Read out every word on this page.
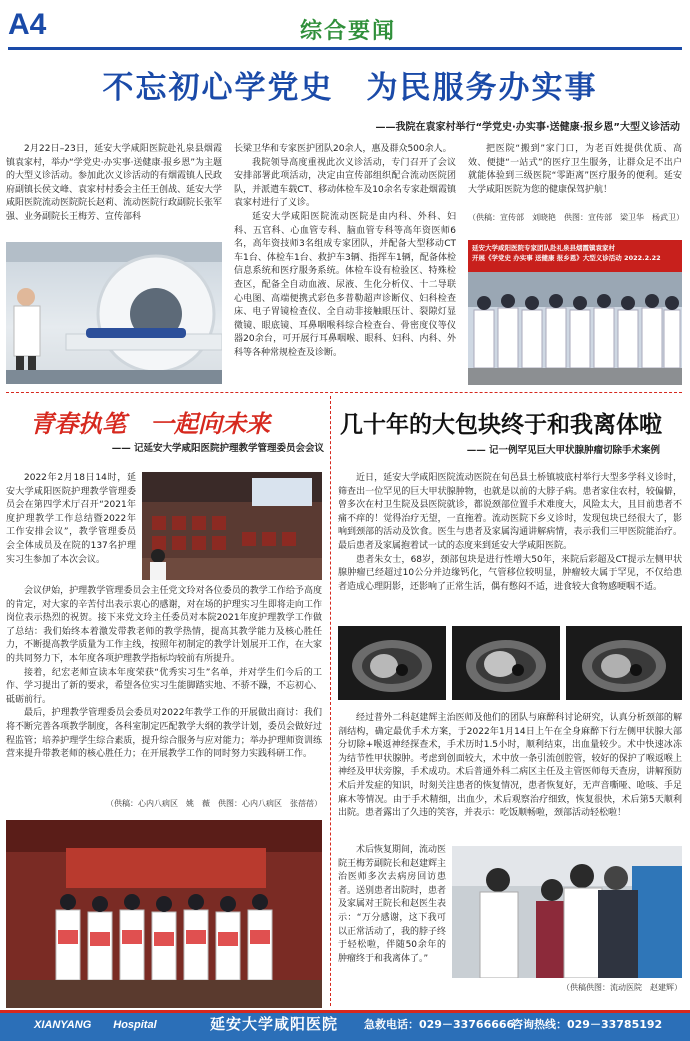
A4	综合要闻
不忘初心学党史　为民服务办实事
——我院在袁家村举行“学党史·办实事·送健康·报乡恩”大型义诊活动

2月22日–23日，延安大学咸阳医院赴礼泉县烟霞镇袁家村，举办“学党史·办实事·送健康·报乡恩”为主题的大型义诊活动。参加此次义诊活动的有烟霞镇人民政府副镇长侯文峰、袁家村村委会主任王创战、延安大学咸阳医院流动医院院长赵莉、流动医院行政副院长张军强、业务副院长王梅芳、宣传部科

长梁卫华和专家医护团队20余人，惠及群众500余人。

我院领导高度重视此次义诊活动，专门召开了会议安排部署此项活动，决定由宣传部组织配合流动医院团队，并派遣车载CT、移动体检车及10余名专家赴烟霞镇袁家村进行了义诊。

延安大学咸阳医院流动医院是由内科、外科、妇科、五官科、心血管专科、脑血管专科等高年资医师6名，高年资技师3名组成专家团队，并配备大型移动CT车1台、体检车1台、救护车3辆、指挥车1辆，配备体检信息系统和医疗服务系统。体检车设有检验区、特殊检查区，配备全自动血液、尿液、生化分析仪、十二导联心电图、高端便携式彩色多普勒超声诊断仪、妇科检查床、电子胃镜检查仪、全自动非接触眼压计、裂隙灯显微镜、眼底镜、耳鼻咽喉科综合检查台、骨密度仪等仪器20余台，可开展行耳鼻咽喉、眼科、妇科、内科、外科等各种常规检查及诊断。

把医院“搬到”家门口，为老百姓提供优质、高效、便捷“一站式”的医疗卫生服务，让群众足不出户就能体验到三级医院“零距离”医疗服务的便利。延安大学咸阳医院为您的健康保驾护航！

（供稿：宣传部　刘晓艳　供图：宣传部　梁卫华　杨武卫）
延安大学咸阳医院专家团队赴礼泉县烟霞镇袁家村
开展《学党史 办实事 送健康 报乡恩》大型义诊活动 2022.2.22
青春执笔　一起向未来
—— 记延安大学咸阳医院护理教学管理委员会会议

2022年2月18日14时，延安大学咸阳医院护理教学管理委员会在第四学术厅召开“2021年度护理教学工作总结暨2022年工作安排会议”，教学管理委员会全体成员及在院的137名护理实习生参加了本次会议。

会议伊始，护理教学管理委员会主任党文玲对各位委员的教学工作给予高度的肯定，对大家的辛苦付出表示衷心的感谢，对在场的护理实习生即将走向工作岗位表示热烈的祝贺。接下来党文玲主任委员对本院2021年度护理教学工作做了总结：我们始终本着激发带教老师的教学热情，提高其教学能力及核心胜任力，不断提高教学质量为工作主线，按照年初制定的教学计划展开工作，在大家的共同努力下，本年度各项护理教学指标均较前有所提升。

接着，纪宏老师宣读本年度荣获“优秀实习生”名单，并对学生们今后的工作、学习提出了新的要求，希望各位实习生能脚踏实地、不骄不躁，不忘初心、砥砺前行。

最后，护理教学管理委员会委员对2022年教学工作的开展做出商讨：我们将不断完善各项教学制度，各科室制定匹配教学大纲的教学计划，委员会做好过程监管；培养护理学生综合素质，提升综合服务与应对能力；举办护理师资训练营来提升带教老师的核心胜任力；在开展教学工作的同时努力实践科研工作。

（供稿：心内八病区　姚　薇　供图：心内八病区　张蓓蓓）
几十年的大包块终于和我离体啦
—— 记一例罕见巨大甲状腺肿瘤切除手术案例

近日，延安大学咸阳医院流动医院在旬邑县土桥镇坡底村举行大型多学科义诊时，筛查出一位罕见的巨大甲状腺肿物，也就是以前的大脖子病。患者家住农村，较偏僻，曾多次在村卫生院及县医院就诊，都说颈部位置手术难度大，风险太大，且目前患者不痛不痒的！觉得治疗无望，一直拖着。流动医院下乡义诊时，发现包块已经很大了，影响到颈部的活动及饮食。医生与患者及家属沟通讲解病情，表示我们三甲医院能治疗。最后患者及家属抱着试一试的态度来到延安大学咸阳医院。

患者朱女士，68岁，颈部包块是进行性增大50年，来院后彩超及CT提示左侧甲状腺肿瘤已经超过10公分并边缘钙化，气管移位较明显，肿瘤较大属于罕见，不仅给患者造成心理阴影，还影响了正常生活，偶有憋闷不适，进食较大食物感哽咽不适。

经过普外二科赵建辉主治医师及他们的团队与麻醉科讨论研究，认真分析颈部的解剖结构，确定最优手术方案，于2022年1月14日上午在全身麻醉下行左侧甲状腺大部分切除+喉返神经探查术，手术历时1.5小时，顺利结束，出血量较少。术中快速冰冻为结节性甲状腺肿。考虑到创面较大，术中放一条引流创腔管，较好的保护了喉返喉上神经及甲状旁腺，手术成功。术后普通外科二病区主任及主管医师每天查房，讲解预防术后并发症的知识，时刻关注患者的恢复情况，患者恢复好，无声音嘶哑、呛咳、手足麻木等情况。由于手术精细，出血少，术后观察治疗细致，恢复很快，术后第5天顺利出院。患者露出了久违的笑容，并表示：吃饭顺畅啦，颈部活动轻松啦！

术后恢复期间，流动医院王梅芳副院长和赵建辉主治医师多次去病房回访患者。送别患者出院时，患者及家属对王院长和赵医生表示：“万分感谢，这下我可以正常活动了，我的脖子终于轻松啦，伴随50余年的肿瘤终于和我离体了。”

（供稿供图：流动医院　赵建辉）
XIANYANG　　Hospital	延安大学咸阳医院 急救电话：029－33766666
咨询热线：029－33785192
